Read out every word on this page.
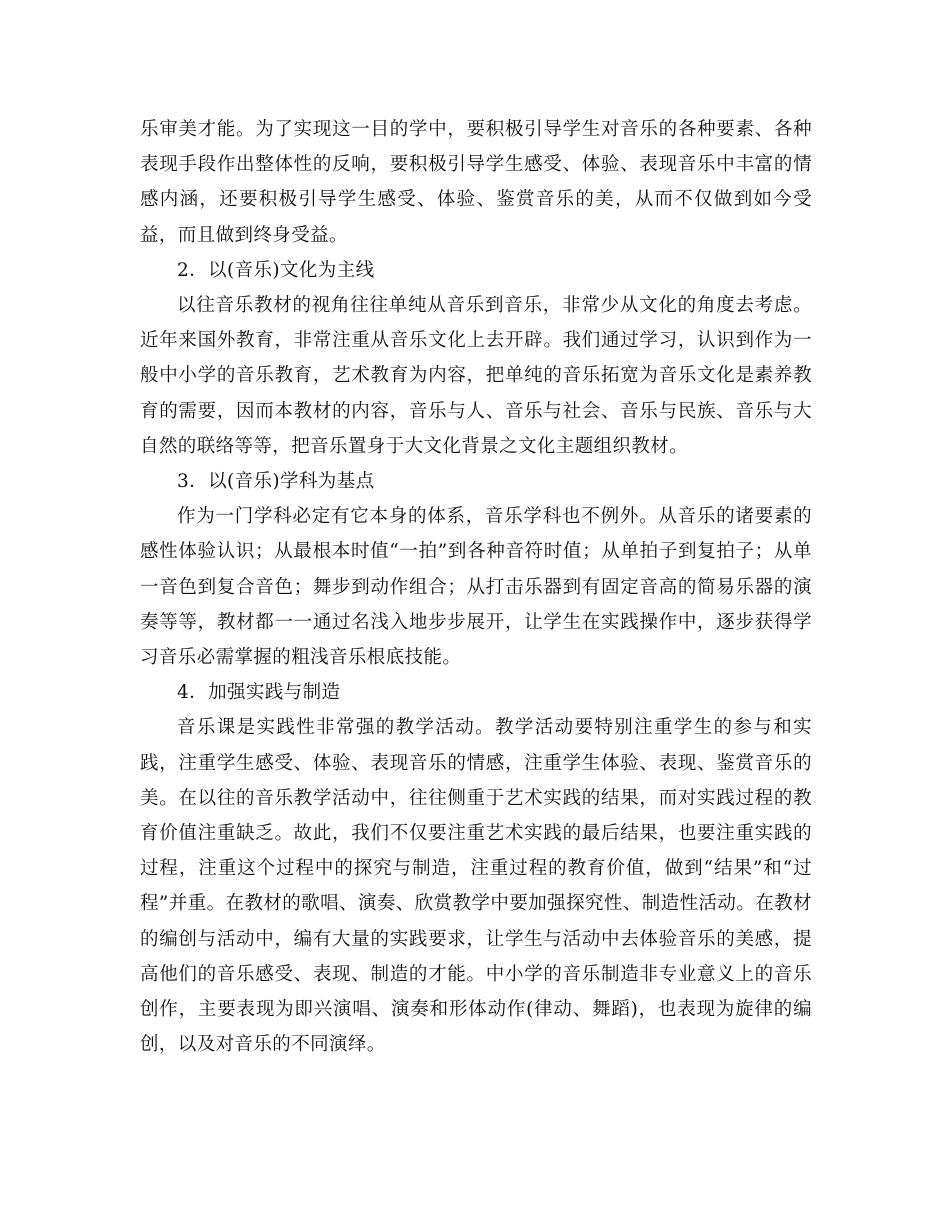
乐审美才能。为了实现这一目的学中，要积极引导学生对音乐的各种要素、各种表现手段作出整体性的反响，要积极引导学生感受、体验、表现音乐中丰富的情感内涵，还要积极引导学生感受、体验、鉴赏音乐的美，从而不仅做到如今受益，而且做到终身受益。

2．以(音乐)文化为主线

以往音乐教材的视角往往单纯从音乐到音乐，非常少从文化的角度去考虑。近年来国外教育，非常注重从音乐文化上去开辟。我们通过学习，认识到作为一般中小学的音乐教育，艺术教育为内容，把单纯的音乐拓宽为音乐文化是素养教育的需要，因而本教材的内容，音乐与人、音乐与社会、音乐与民族、音乐与大自然的联络等等，把音乐置身于大文化背景之文化主题组织教材。

3．以(音乐)学科为基点

作为一门学科必定有它本身的体系，音乐学科也不例外。从音乐的诸要素的感性体验认识；从最根本时值“一拍”到各种音符时值；从单拍子到复拍子；从单一音色到复合音色；舞步到动作组合；从打击乐器到有固定音高的简易乐器的演奏等等，教材都一一通过名浅入地步步展开，让学生在实践操作中，逐步获得学习音乐必需掌握的粗浅音乐根底技能。

4．加强实践与制造

音乐课是实践性非常强的教学活动。教学活动要特别注重学生的参与和实践，注重学生感受、体验、表现音乐的情感，注重学生体验、表现、鉴赏音乐的美。在以往的音乐教学活动中，往往侧重于艺术实践的结果，而对实践过程的教育价值注重缺乏。故此，我们不仅要注重艺术实践的最后结果，也要注重实践的过程，注重这个过程中的探究与制造，注重过程的教育价值，做到“结果”和“过程”并重。在教材的歌唱、演奏、欣赏教学中要加强探究性、制造性活动。在教材的编创与活动中，编有大量的实践要求，让学生与活动中去体验音乐的美感，提高他们的音乐感受、表现、制造的才能。中小学的音乐制造非专业意义上的音乐创作，主要表现为即兴演唱、演奏和形体动作(律动、舞蹈)，也表现为旋律的编创，以及对音乐的不同演绎。
